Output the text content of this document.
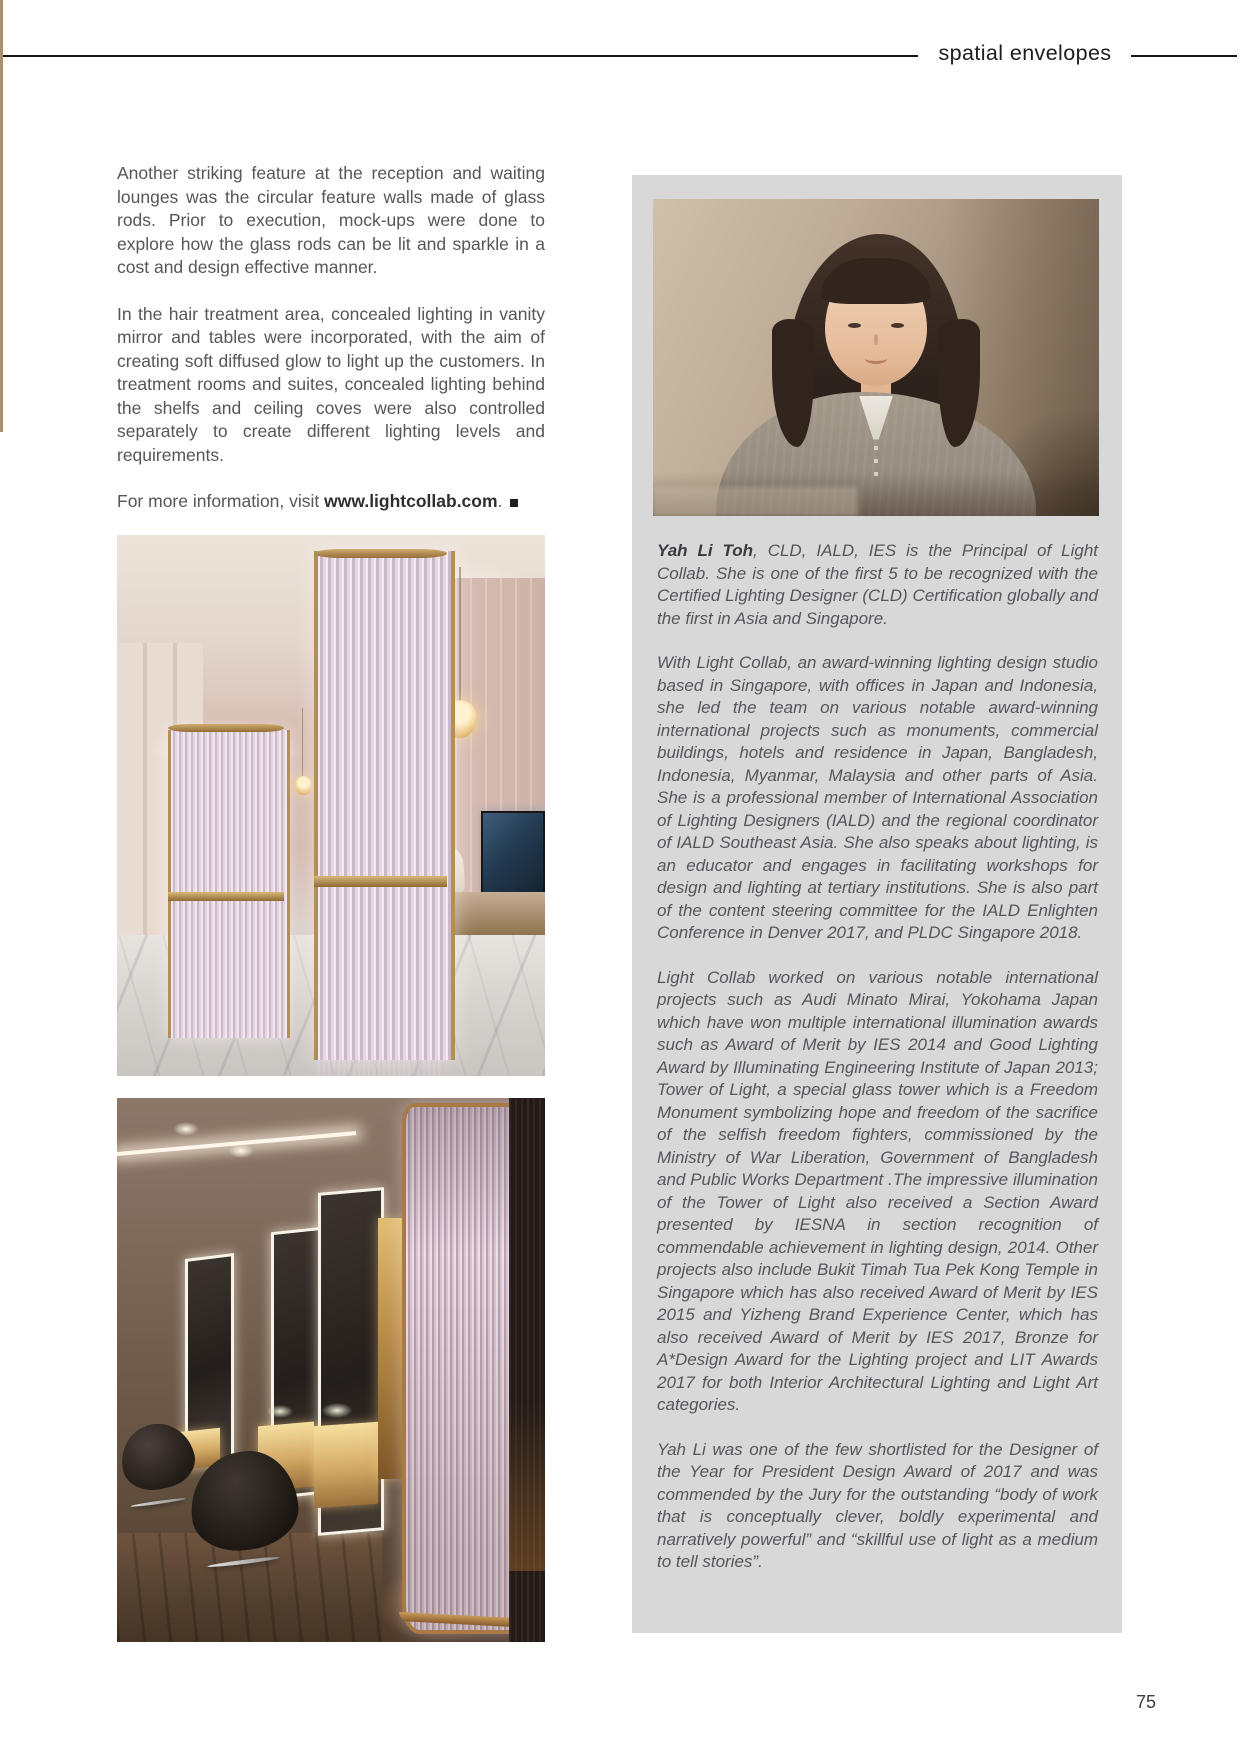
spatial envelopes

Another striking feature at the reception and waiting lounges was the circular feature walls made of glass rods. Prior to execution, mock-ups were done to explore how the glass rods can be lit and sparkle in a cost and design effective manner.

In the hair treatment area, concealed lighting in vanity mirror and tables were incorporated, with the aim of creating soft diffused glow to light up the customers. In treatment rooms and suites, concealed lighting behind the shelfs and ceiling coves were also controlled separately to create different lighting levels and requirements.

For more information, visit www.lightcollab.com.

Yah Li Toh, CLD, IALD, IES is the Principal of Light Collab. She is one of the first 5 to be recognized with the Certified Lighting Designer (CLD) Certification globally and the first in Asia and Singapore.

With Light Collab, an award-winning lighting design studio based in Singapore, with offices in Japan and Indonesia, she led the team on various notable award-winning international projects such as monuments, commercial buildings, hotels and residence in Japan, Bangladesh, Indonesia, Myanmar, Malaysia and other parts of Asia. She is a professional member of International Association of Lighting Designers (IALD) and the regional coordinator of IALD Southeast Asia. She also speaks about lighting, is an educator and engages in facilitating workshops for design and lighting at tertiary institutions. She is also part of the content steering committee for the IALD Enlighten Conference in Denver 2017, and PLDC Singapore 2018.

Light Collab worked on various notable international projects such as Audi Minato Mirai, Yokohama Japan which have won multiple international illumination awards such as Award of Merit by IES 2014 and Good Lighting Award by Illuminating Engineering Institute of Japan 2013; Tower of Light, a special glass tower which is a Freedom Monument symbolizing hope and freedom of the sacrifice of the selfish freedom fighters, commissioned by the Ministry of War Liberation, Government of Bangladesh and Public Works Department .The impressive illumination of the Tower of Light also received a Section Award presented by IESNA in section recognition of commendable achievement in lighting design, 2014. Other projects also include Bukit Timah Tua Pek Kong Temple in Singapore which has also received Award of Merit by IES 2015 and Yizheng Brand Experience Center, which has also received Award of Merit by IES 2017, Bronze for A*Design Award for the Lighting project and LIT Awards 2017 for both Interior Architectural Lighting and Light Art categories.

Yah Li was one of the few shortlisted for the Designer of the Year for President Design Award of 2017 and was commended by the Jury for the outstanding “body of work that is conceptually clever, boldly experimental and narratively powerful” and “skillful use of light as a medium to tell stories”.

75
